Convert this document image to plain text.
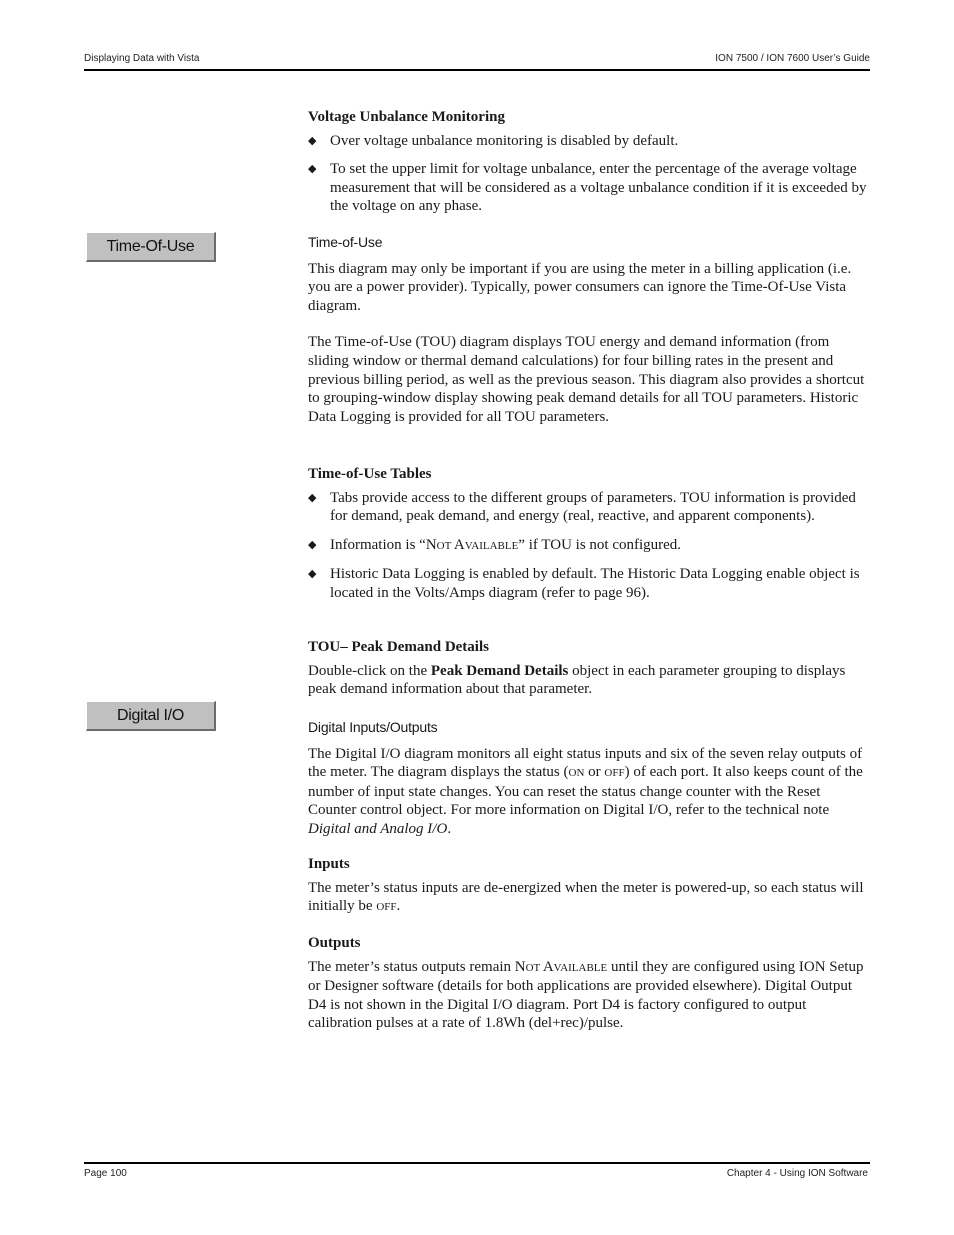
Displaying Data with Vista	ION 7500 / ION 7600 User’s Guide
Time-Of-Use
Digital I/O

Voltage Unbalance Monitoring

◆ Over voltage unbalance monitoring is disabled by default.
◆ To set the upper limit for voltage unbalance, enter the percentage of the average voltage measurement that will be considered as a voltage unbalance condition if it is exceeded by the voltage on any phase.

Time-of-Use

This diagram may only be important if you are using the meter in a billing application (i.e. you are a power provider). Typically, power consumers can ignore the Time-Of-Use Vista diagram.

The Time-of-Use (TOU) diagram displays TOU energy and demand information (from sliding window or thermal demand calculations) for four billing rates in the present and previous billing period, as well as the previous season. This diagram also provides a shortcut to grouping-window display showing peak demand details for all TOU parameters. Historic Data Logging is provided for all TOU parameters.

Time-of-Use Tables

◆ Tabs provide access to the different groups of parameters. TOU information is provided for demand, peak demand, and energy (real, reactive, and apparent components).
◆ Information is “NOT AVAILABLE” if TOU is not configured.
◆ Historic Data Logging is enabled by default. The Historic Data Logging enable object is located in the Volts/Amps diagram (refer to page 96).

TOU– Peak Demand Details

Double-click on the Peak Demand Details object in each parameter grouping to displays peak demand information about that parameter.

Digital Inputs/Outputs

The Digital I/O diagram monitors all eight status inputs and six of the seven relay outputs of the meter. The diagram displays the status (ON or OFF) of each port. It also keeps count of the number of input state changes. You can reset the status change counter with the Reset Counter control object. For more information on Digital I/O, refer to the technical note Digital and Analog I/O.

Inputs

The meter’s status inputs are de-energized when the meter is powered-up, so each status will initially be OFF.

Outputs

The meter’s status outputs remain NOT AVAILABLE until they are configured using ION Setup or Designer software (details for both applications are provided elsewhere). Digital Output D4 is not shown in the Digital I/O diagram. Port D4 is factory configured to output calibration pulses at a rate of 1.8Wh (del+rec)/pulse.

Page 100	Chapter 4 - Using ION Software
